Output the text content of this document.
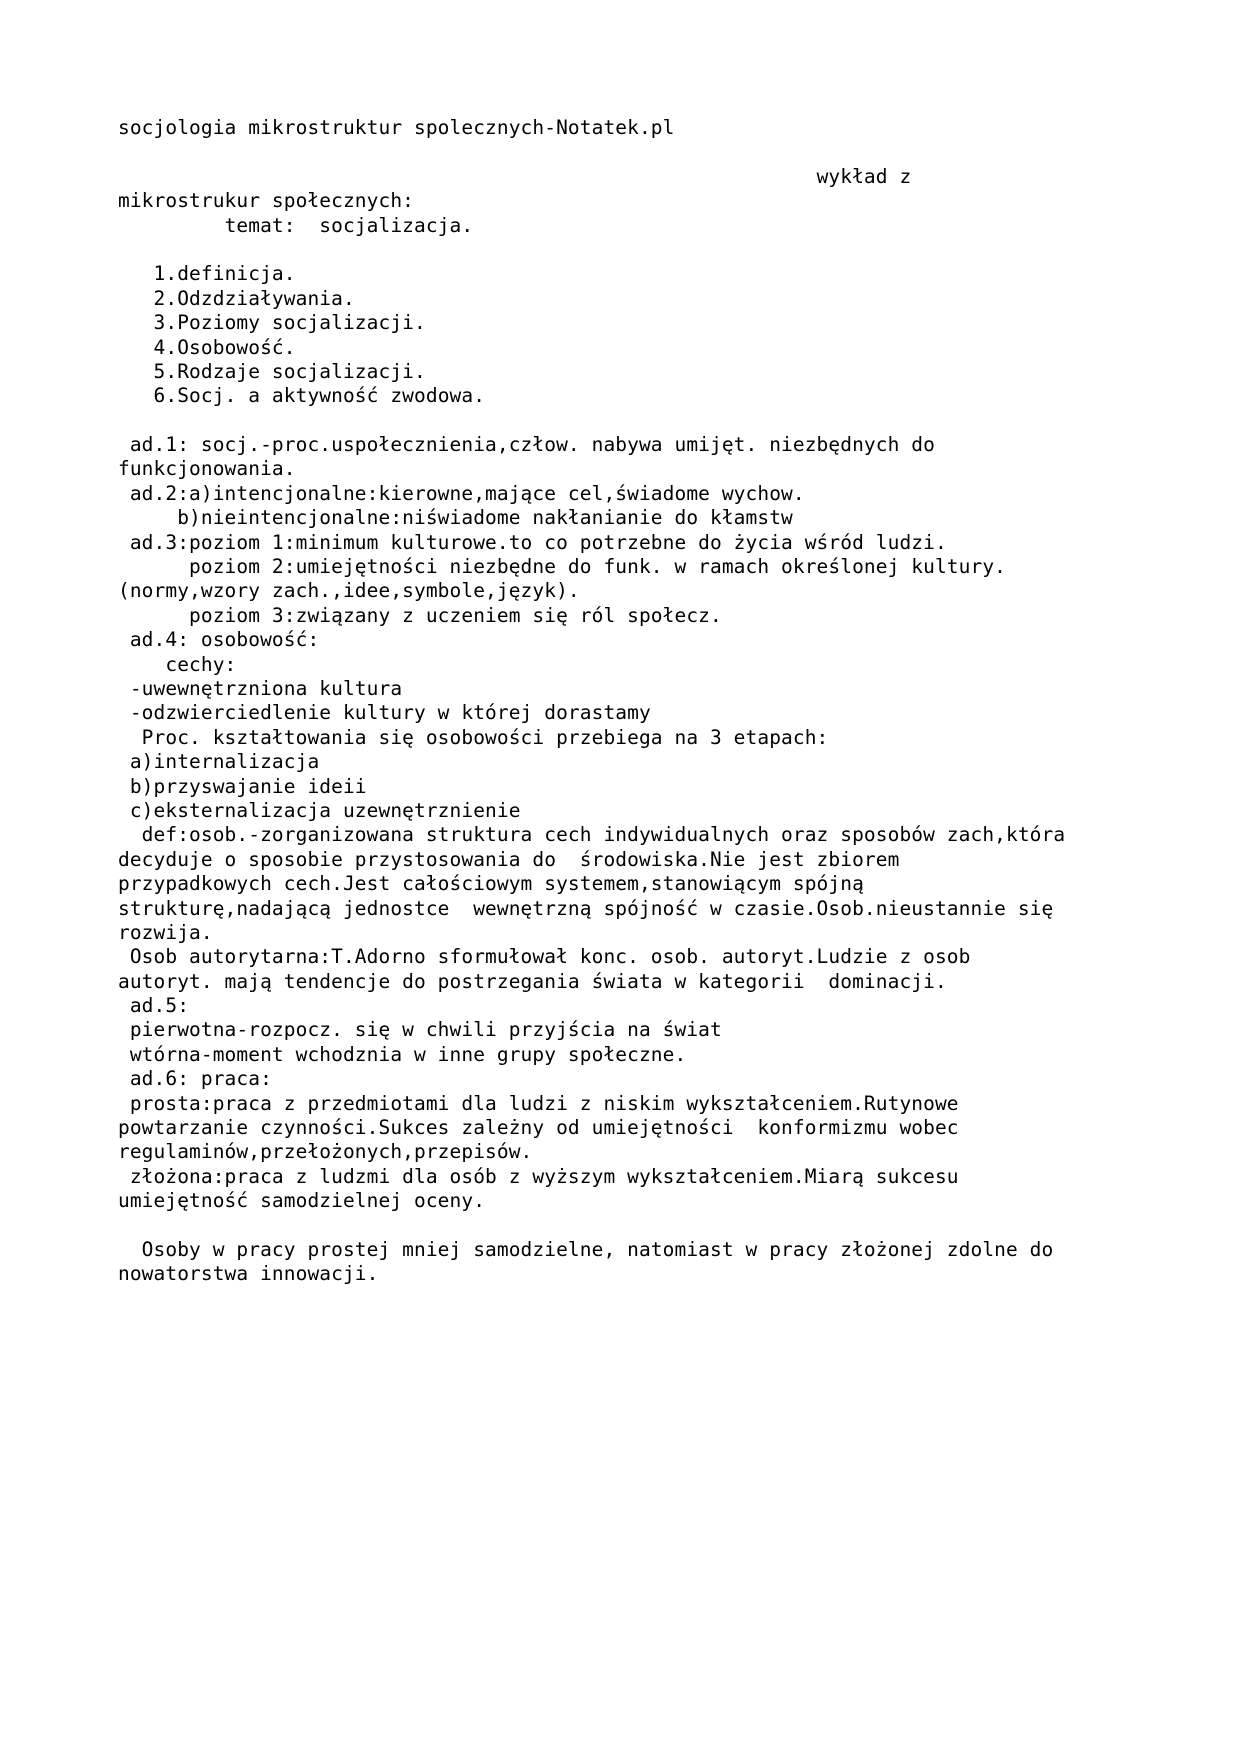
socjologia mikrostruktur spolecznych-Notatek.pl
wykład z
mikrostrukur społecznych:
temat: socjalizacja.
1.definicja.
2.Odzdziaływania.
3.Poziomy socjalizacji.
4.Osobowość.
5.Rodzaje socjalizacji.
6.Socj. a aktywność zwodowa.
ad.1: socj.-proc.uspołecznienia,człow. nabywa umijęt. niezbędnych do
funkcjonowania.
ad.2:a)intencjonalne:kierowne,mające cel,świadome wychow.
b)nieintencjonalne:niświadome nakłanianie do kłamstw
ad.3:poziom 1:minimum kulturowe.to co potrzebne do życia wśród ludzi.
poziom 2:umiejętności niezbędne do funk. w ramach określonej kultury.
(normy,wzory zach.,idee,symbole,język).
poziom 3:związany z uczeniem się ról społecz.
ad.4: osobowość:
cechy:
-uwewnętrzniona kultura
-odzwierciedlenie kultury w której dorastamy
Proc. kształtowania się osobowości przebiega na 3 etapach:
a)internalizacja
b)przyswajanie ideii
c)eksternalizacja uzewnętrznienie
def:osob.-zorganizowana struktura cech indywidualnych oraz sposobów zach,która
decyduje o sposobie przystosowania do  środowiska.Nie jest zbiorem
przypadkowych cech.Jest całościowym systemem,stanowiącym spójną
strukturę,nadającą jednostce  wewnętrzną spójność w czasie.Osob.nieustannie się
rozwija.
Osob autorytarna:T.Adorno sformułował konc. osob. autoryt.Ludzie z osob
autoryt. mają tendencje do postrzegania świata w kategorii  dominacji.
ad.5:
pierwotna-rozpocz. się w chwili przyjścia na świat
wtórna-moment wchodznia w inne grupy społeczne.
ad.6: praca:
prosta:praca z przedmiotami dla ludzi z niskim wykształceniem.Rutynowe
powtarzanie czynności.Sukces zależny od umiejętności  konformizmu wobec
regulaminów,przełożonych,przepisów.
złożona:praca z ludzmi dla osób z wyższym wykształceniem.Miarą sukcesu
umiejętność samodzielnej oceny.
Osoby w pracy prostej mniej samodzielne, natomiast w pracy złożonej zdolne do
nowatorstwa innowacji.
